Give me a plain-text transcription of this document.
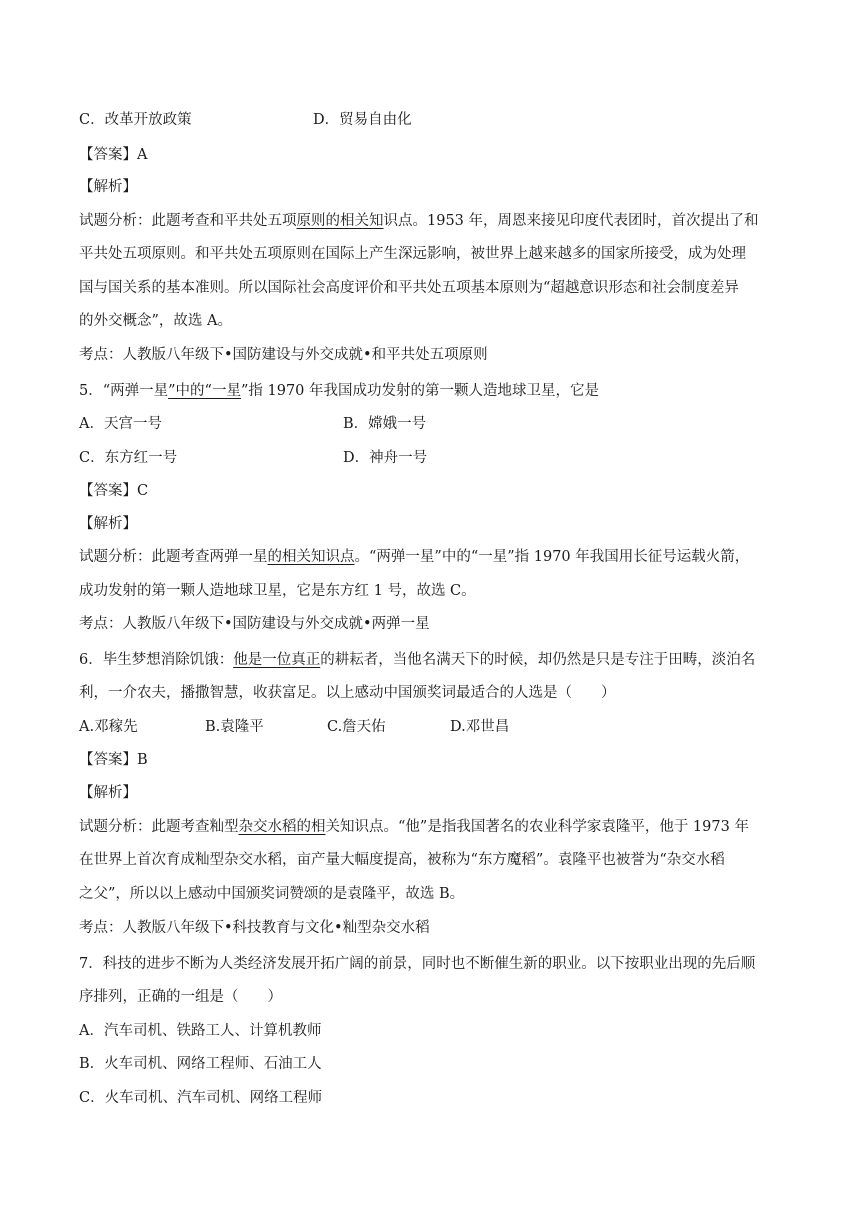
C．改革开放政策	D．贸易自由化
【答案】A
【解析】
试题分析：此题考查和平共处五项原则的相关知识点。1953 年，周恩来接见印度代表团时，首次提出了和
平共处五项原则。和平共处五项原则在国际上产生深远影响，被世界上越来越多的国家所接受，成为处理
国与国关系的基本准则。所以国际社会高度评价和平共处五项基本原则为“超越意识形态和社会制度差异
的外交概念”，故选 A。
考点：人教版八年级下•国防建设与外交成就•和平共处五项原则
5．“两弹一星”中的“一星”指 1970 年我国成功发射的第一颗人造地球卫星，它是
A．天宫一号	B．嫦娥一号
C．东方红一号	D．神舟一号
【答案】C
【解析】
试题分析：此题考查两弹一星的相关知识点。“两弹一星”中的“一星”指 1970 年我国用长征号运载火箭，
成功发射的第一颗人造地球卫星，它是东方红 1 号，故选 C。
考点：人教版八年级下•国防建设与外交成就•两弹一星
6．毕生梦想消除饥饿：他是一位真正的耕耘者，当他名满天下的时候，却仍然是只是专注于田畴，淡泊名
利，一介农夫，播撒智慧，收获富足。以上感动中国颁奖词最适合的人选是（　　）
A.邓稼先	B.袁隆平	C.詹天佑	D.邓世昌
【答案】B
【解析】
试题分析：此题考查籼型杂交水稻的相关知识点。“他”是指我国著名的农业科学家袁隆平，他于 1973 年
在世界上首次育成籼型杂交水稻，亩产量大幅度提高，被称为“东方魔稻”。袁隆平也被誉为“杂交水稻
之父”，所以以上感动中国颁奖词赞颂的是袁隆平，故选 B。
考点：人教版八年级下•科技教育与文化•籼型杂交水稻
7．科技的进步不断为人类经济发展开拓广阔的前景，同时也不断催生新的职业。以下按职业出现的先后顺
序排列，正确的一组是（　　）
A．汽车司机、铁路工人、计算机教师
B．火车司机、网络工程师、石油工人
C．火车司机、汽车司机、网络工程师
